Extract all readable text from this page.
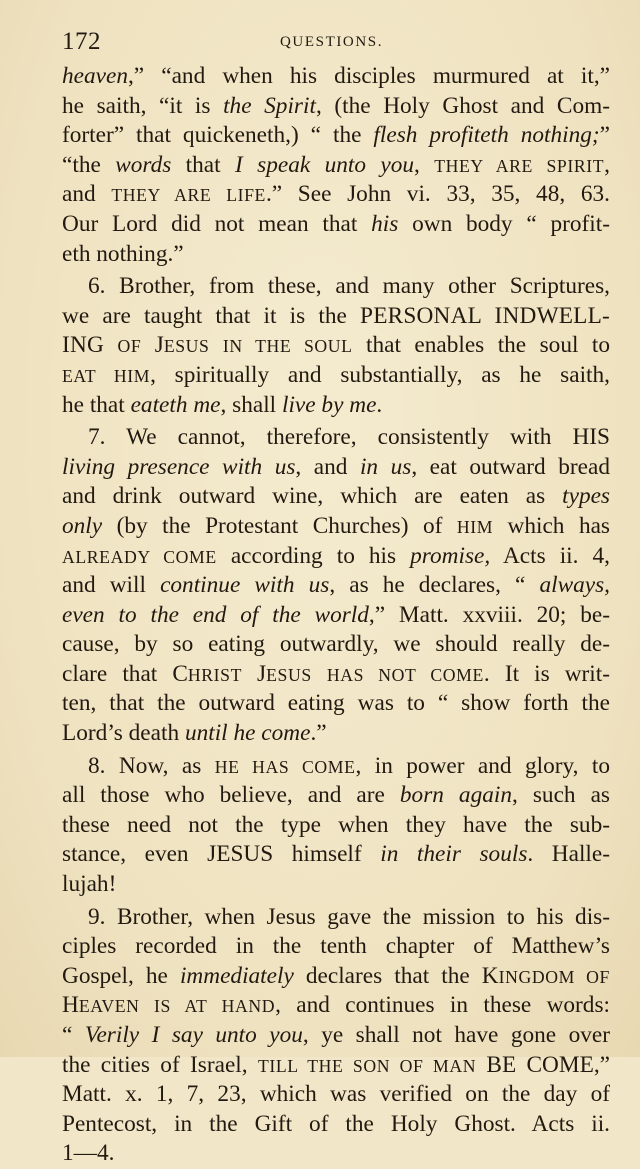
172	QUESTIONS.
heaven,” “and when his disciples murmured at it,”
he saith, “it is the Spirit, (the Holy Ghost and Com-
forter” that quickeneth,) “ the flesh profiteth nothing;”
“the words that I speak unto you, THEY ARE SPIRIT,
and THEY ARE LIFE.” See John vi. 33, 35, 48, 63.
Our Lord did not mean that his own body “ profit-
eth nothing.”
6. Brother, from these, and many other Scriptures,
we are taught that it is the PERSONAL INDWELL-
ING OF JESUS IN THE SOUL that enables the soul to
EAT HIM, spiritually and substantially, as he saith,
he that eateth me, shall live by me.
7. We cannot, therefore, consistently with HIS
living presence with us, and in us, eat outward bread
and drink outward wine, which are eaten as types
only (by the Protestant Churches) of HIM which has
ALREADY COME according to his promise, Acts ii. 4,
and will continue with us, as he declares, “ always,
even to the end of the world,” Matt. xxviii. 20; be-
cause, by so eating outwardly, we should really de-
clare that CHRIST JESUS HAS NOT COME. It is writ-
ten, that the outward eating was to “ show forth the
Lord’s death until he come.”
8. Now, as HE HAS COME, in power and glory, to
all those who believe, and are born again, such as
these need not the type when they have the sub-
stance, even JESUS himself in their souls. Halle-
lujah!
9. Brother, when Jesus gave the mission to his dis-
ciples recorded in the tenth chapter of Matthew’s
Gospel, he immediately declares that the KINGDOM OF
HEAVEN IS AT HAND, and continues in these words:
“ Verily I say unto you, ye shall not have gone over
the cities of Israel, TILL THE SON OF MAN BE COME,”
Matt. x. 1, 7, 23, which was verified on the day of
Pentecost, in the Gift of the Holy Ghost. Acts ii.
1—4.
